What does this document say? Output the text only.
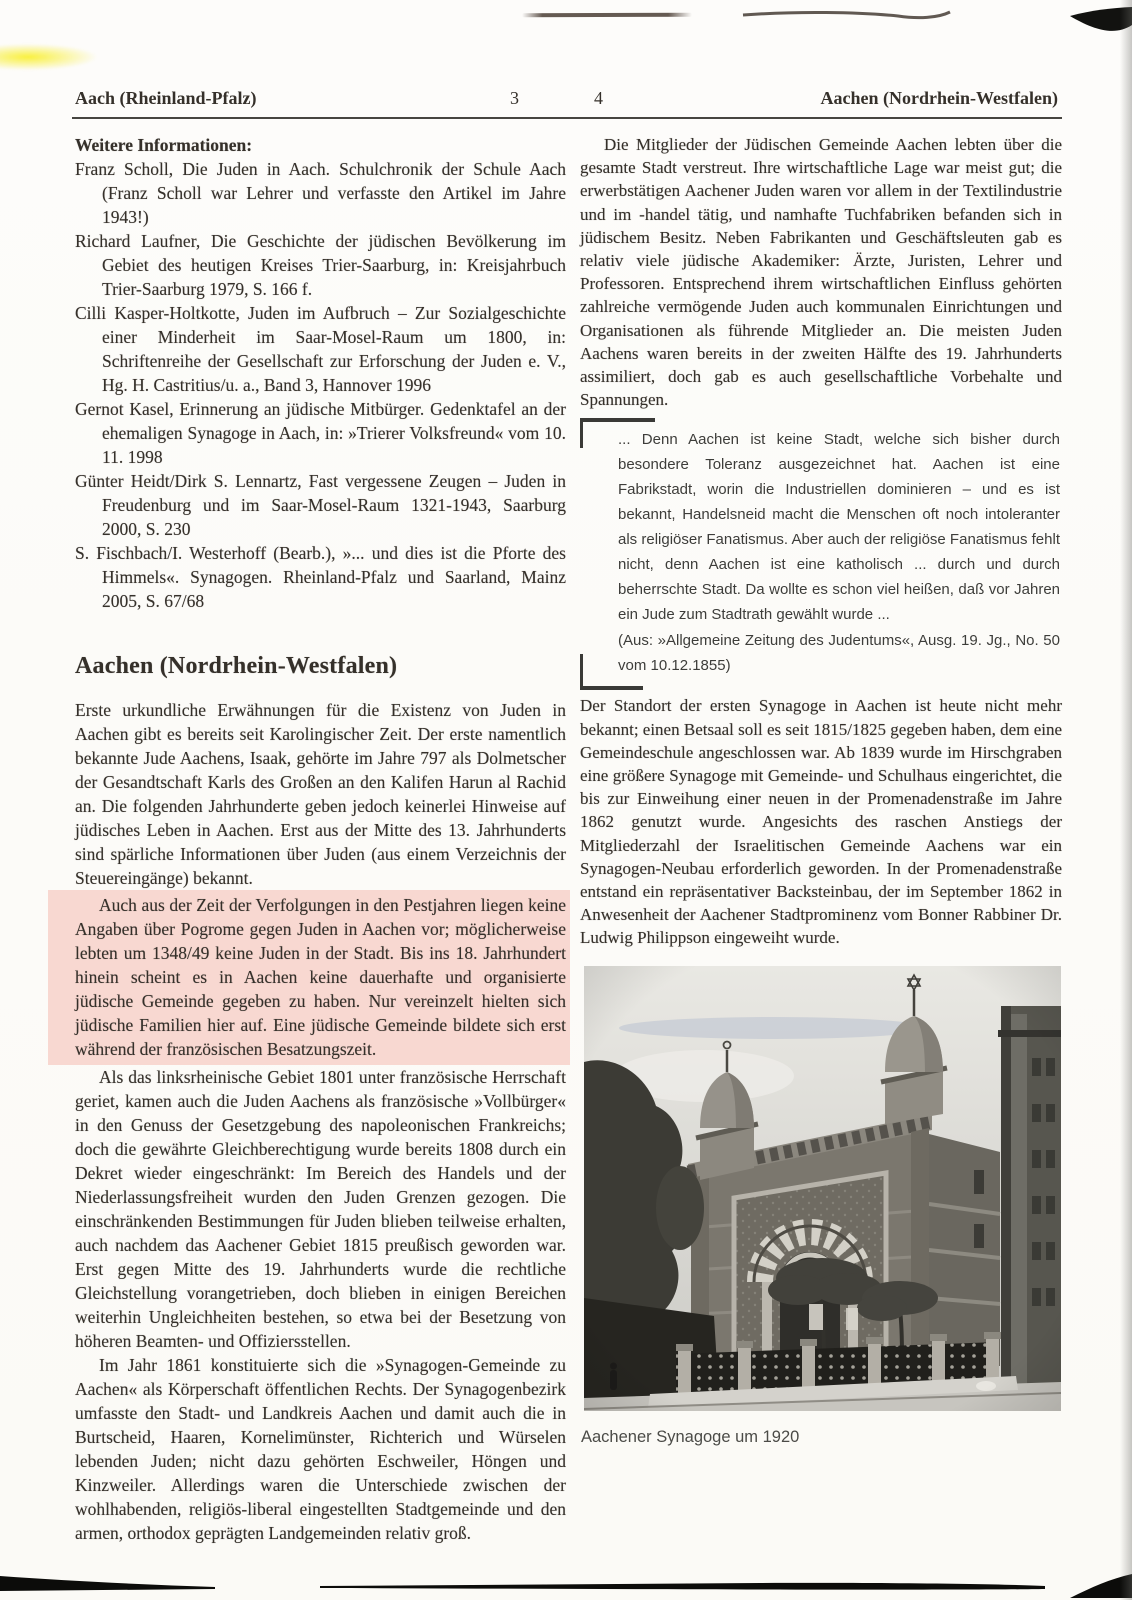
Aach (Rheinland-Pfalz)	3	4	Aachen (Nordrhein-Westfalen)

Weitere Informationen:

Franz Scholl, Die Juden in Aach. Schulchronik der Schule Aach (Franz Scholl war Lehrer und verfasste den Artikel im Jahre 1943!)

Richard Laufner, Die Geschichte der jüdischen Bevölkerung im Gebiet des heutigen Kreises Trier-Saarburg, in: Kreisjahrbuch Trier-Saarburg 1979, S. 166 f.

Cilli Kasper-Holtkotte, Juden im Aufbruch – Zur Sozialgeschichte einer Minderheit im Saar-Mosel-Raum um 1800, in: Schriftenreihe der Gesellschaft zur Erforschung der Juden e. V., Hg. H. Castritius/u. a., Band 3, Hannover 1996

Gernot Kasel, Erinnerung an jüdische Mitbürger. Gedenktafel an der ehemaligen Synagoge in Aach, in: »Trierer Volksfreund« vom 10. 11. 1998

Günter Heidt/Dirk S. Lennartz, Fast vergessene Zeugen – Juden in Freudenburg und im Saar-Mosel-Raum 1321-1943, Saarburg 2000, S. 230

S. Fischbach/I. Westerhoff (Bearb.), »... und dies ist die Pforte des Himmels«. Synagogen. Rheinland-Pfalz und Saarland, Mainz 2005, S. 67/68

Aachen (Nordrhein-Westfalen)

Erste urkundliche Erwähnungen für die Existenz von Juden in Aachen gibt es bereits seit Karolingischer Zeit. Der erste namentlich bekannte Jude Aachens, Isaak, gehörte im Jahre 797 als Dolmetscher der Gesandtschaft Karls des Großen an den Kalifen Harun al Rachid an. Die folgenden Jahrhunderte geben jedoch keinerlei Hinweise auf jüdisches Leben in Aachen. Erst aus der Mitte des 13. Jahrhunderts sind spärliche Informationen über Juden (aus einem Verzeichnis der Steuereingänge) bekannt.

Auch aus der Zeit der Verfolgungen in den Pestjahren liegen keine Angaben über Pogrome gegen Juden in Aachen vor; möglicherweise lebten um 1348/49 keine Juden in der Stadt. Bis ins 18. Jahrhundert hinein scheint es in Aachen keine dauerhafte und organisierte jüdische Gemeinde gegeben zu haben. Nur vereinzelt hielten sich jüdische Familien hier auf. Eine jüdische Gemeinde bildete sich erst während der französischen Besatzungszeit.

Als das linksrheinische Gebiet 1801 unter französische Herrschaft geriet, kamen auch die Juden Aachens als französische »Vollbürger« in den Genuss der Gesetzgebung des napoleonischen Frankreichs; doch die gewährte Gleichberechtigung wurde bereits 1808 durch ein Dekret wieder eingeschränkt: Im Bereich des Handels und der Niederlassungsfreiheit wurden den Juden Grenzen gezogen. Die einschränkenden Bestimmungen für Juden blieben teilweise erhalten, auch nachdem das Aachener Gebiet 1815 preußisch geworden war. Erst gegen Mitte des 19. Jahrhunderts wurde die rechtliche Gleichstellung vorangetrieben, doch blieben in einigen Bereichen weiterhin Ungleichheiten bestehen, so etwa bei der Besetzung von höheren Beamten- und Offiziersstellen.

Im Jahr 1861 konstituierte sich die »Synagogen-Gemeinde zu Aachen« als Körperschaft öffentlichen Rechts. Der Synagogenbezirk umfasste den Stadt- und Landkreis Aachen und damit auch die in Burtscheid, Haaren, Kornelimünster, Richterich und Würselen lebenden Juden; nicht dazu gehörten Eschweiler, Höngen und Kinzweiler. Allerdings waren die Unterschiede zwischen der wohlhabenden, religiös-liberal eingestellten Stadtgemeinde und den armen, orthodox geprägten Landgemeinden relativ groß.

Die Mitglieder der Jüdischen Gemeinde Aachen lebten über die gesamte Stadt verstreut. Ihre wirtschaftliche Lage war meist gut; die erwerbstätigen Aachener Juden waren vor allem in der Textilindustrie und im -handel tätig, und namhafte Tuchfabriken befanden sich in jüdischem Besitz. Neben Fabrikanten und Geschäftsleuten gab es relativ viele jüdische Akademiker: Ärzte, Juristen, Lehrer und Professoren. Entsprechend ihrem wirtschaftlichen Einfluss gehörten zahlreiche vermögende Juden auch kommunalen Einrichtungen und Organisationen als führende Mitglieder an. Die meisten Juden Aachens waren bereits in der zweiten Hälfte des 19. Jahrhunderts assimiliert, doch gab es auch gesellschaftliche Vorbehalte und Spannungen.

... Denn Aachen ist keine Stadt, welche sich bisher durch besondere Toleranz ausgezeichnet hat. Aachen ist eine Fabrikstadt, worin die Industriellen dominieren – und es ist bekannt, Handelsneid macht die Menschen oft noch intoleranter als religiöser Fanatismus. Aber auch der religiöse Fanatismus fehlt nicht, denn Aachen ist eine katholisch ... durch und durch beherrschte Stadt. Da wollte es schon viel heißen, daß vor Jahren ein Jude zum Stadtrath gewählt wurde ...

(Aus: »Allgemeine Zeitung des Judentums«, Ausg. 19. Jg., No. 50 vom 10.12.1855)

Der Standort der ersten Synagoge in Aachen ist heute nicht mehr bekannt; einen Betsaal soll es seit 1815/1825 gegeben haben, dem eine Gemeindeschule angeschlossen war. Ab 1839 wurde im Hirschgraben eine größere Synagoge mit Gemeinde- und Schulhaus eingerichtet, die bis zur Einweihung einer neuen in der Promenadenstraße im Jahre 1862 genutzt wurde. Angesichts des raschen Anstiegs der Mitgliederzahl der Israelitischen Gemeinde Aachens war ein Synagogen-Neubau erforderlich geworden. In der Promenadenstraße entstand ein repräsentativer Backsteinbau, der im September 1862 in Anwesenheit der Aachener Stadtprominenz vom Bonner Rabbiner Dr. Ludwig Philippson eingeweiht wurde.

Aachener Synagoge um 1920
